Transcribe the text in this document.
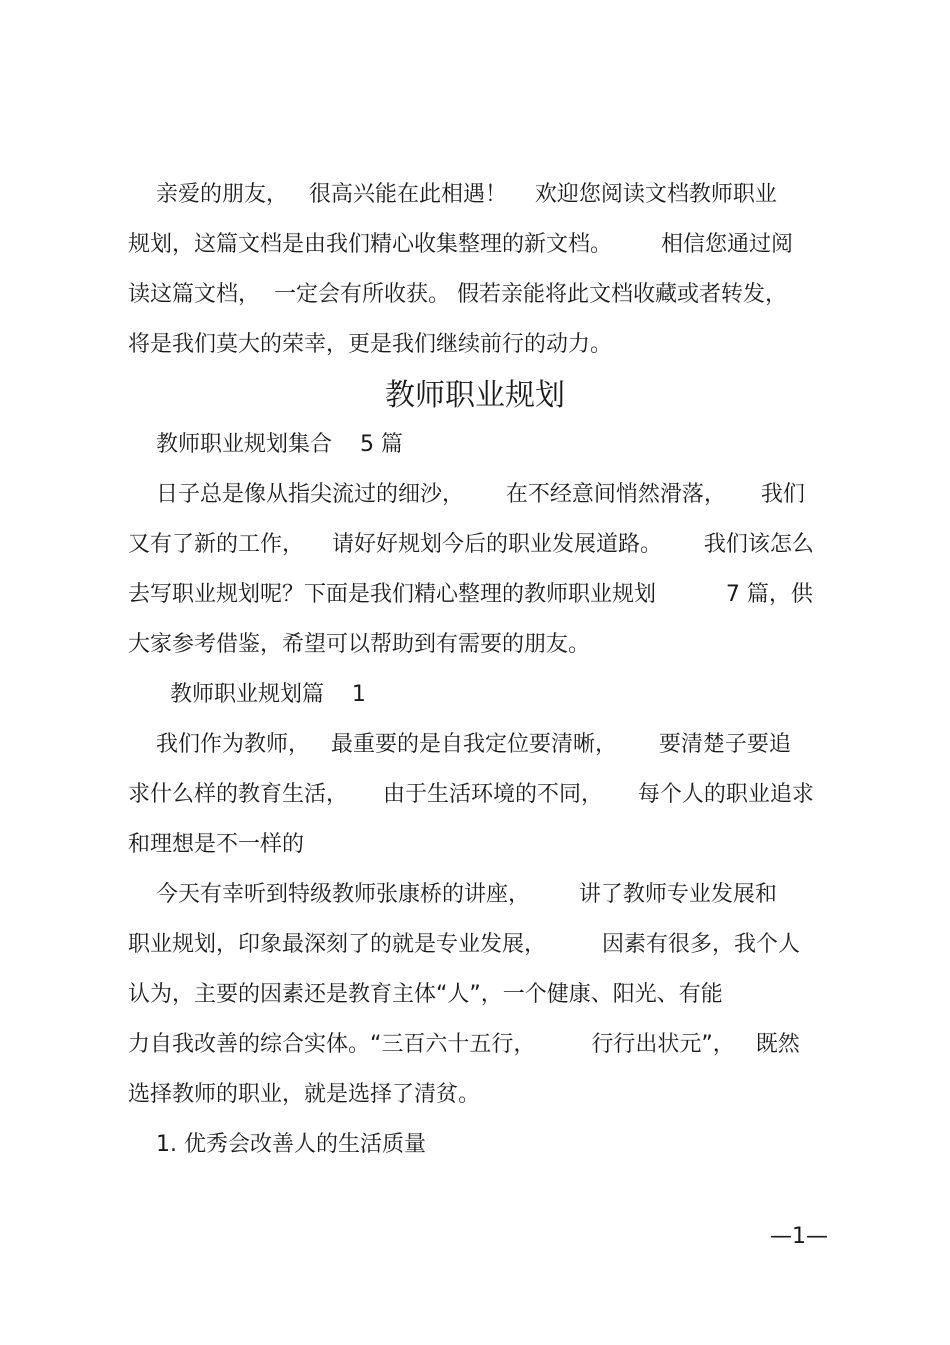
亲爱的朋友，   很高兴能在此相遇！    欢迎您阅读文档教师职业
规划，这篇文档是由我们精心收集整理的新文档。       相信您通过阅
读这篇文档，  一定会有所收获。 假若亲能将此文档收藏或者转发，
将是我们莫大的荣幸，更是我们继续前行的动力。
教师职业规划
教师职业规划集合    5 篇
日子总是像从指尖流过的细沙，      在不经意间悄然滑落，     我们
又有了新的工作，    请好好规划今后的职业发展道路。      我们该怎么
去写职业规划呢？下面是我们精心整理的教师职业规划          7 篇，供
大家参考借鉴，希望可以帮助到有需要的朋友。
教师职业规划篇    1
我们作为教师，   最重要的是自我定位要清晰，      要清楚子要追
求什么样的教育生活，     由于生活环境的不同，     每个人的职业追求
和理想是不一样的
今天有幸听到特级教师张康桥的讲座，       讲了教师专业发展和
职业规划，印象最深刻了的就是专业发展，        因素有很多，我个人
认为，主要的因素还是教育主体“人”，一个健康、阳光、有能
力自我改善的综合实体。“三百六十五行，        行行出状元”，   既然
选择教师的职业，就是选择了清贫。
1. 优秀会改善人的生活质量
—1—
